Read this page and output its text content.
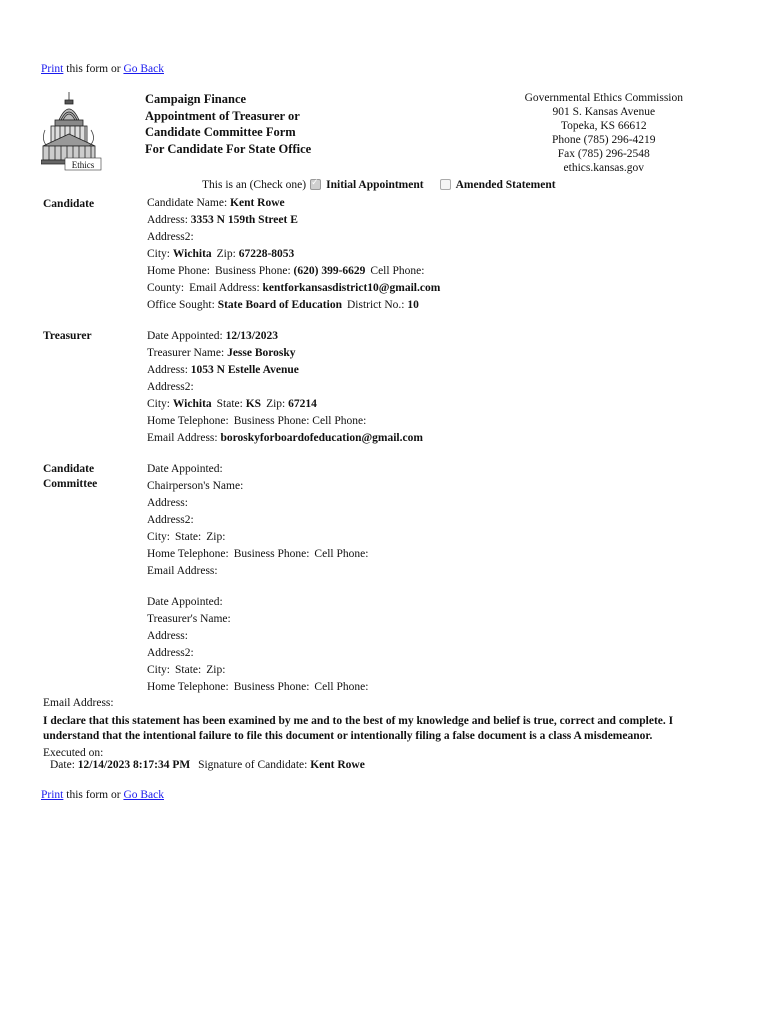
Print this form or Go Back
Ethics
Campaign Finance
Appointment of Treasurer or
Candidate Committee Form
For Candidate For State Office
Governmental Ethics Commission
901 S. Kansas Avenue
Topeka, KS 66612
Phone (785) 296-4219
Fax (785) 296-2548
ethics.kansas.gov
This is an (Check one)
✓ Initial Appointment	Amended Statement
Candidate	Candidate Name: Kent Rowe
Address: 3353 N 159th Street E
Address2:
City: Wichita Zip: 67228-8053
Home Phone: Business Phone: (620) 399-6629 Cell Phone:
County: Email Address: kentforkansasdistrict10@gmail.com
Office Sought: State Board of Education District No.: 10
Treasurer	Date Appointed: 12/13/2023
Treasurer Name: Jesse Borosky
Address: 1053 N Estelle Avenue
Address2:
City: Wichita State: KS Zip: 67214
Home Telephone: Business Phone: Cell Phone:
Email Address: boroskyforboardofeducation@gmail.com
Candidate
Committee
Date Appointed:
Chairperson's Name:
Address:
Address2:
City: State: Zip:
Home Telephone: Business Phone: Cell Phone:
Email Address:
Date Appointed:
Treasurer's Name:
Address:
Address2:
City: State: Zip:
Home Telephone: Business Phone: Cell Phone:
Email Address:
I declare that this statement has been examined by me and to the best of my knowledge and belief is true, correct and complete. I understand that the intentional failure to file this document or intentionally filing a false document is a class A misdemeanor.
Executed on:
Date: 12/14/2023 8:17:34 PM Signature of Candidate: Kent Rowe
Print this form or Go Back
